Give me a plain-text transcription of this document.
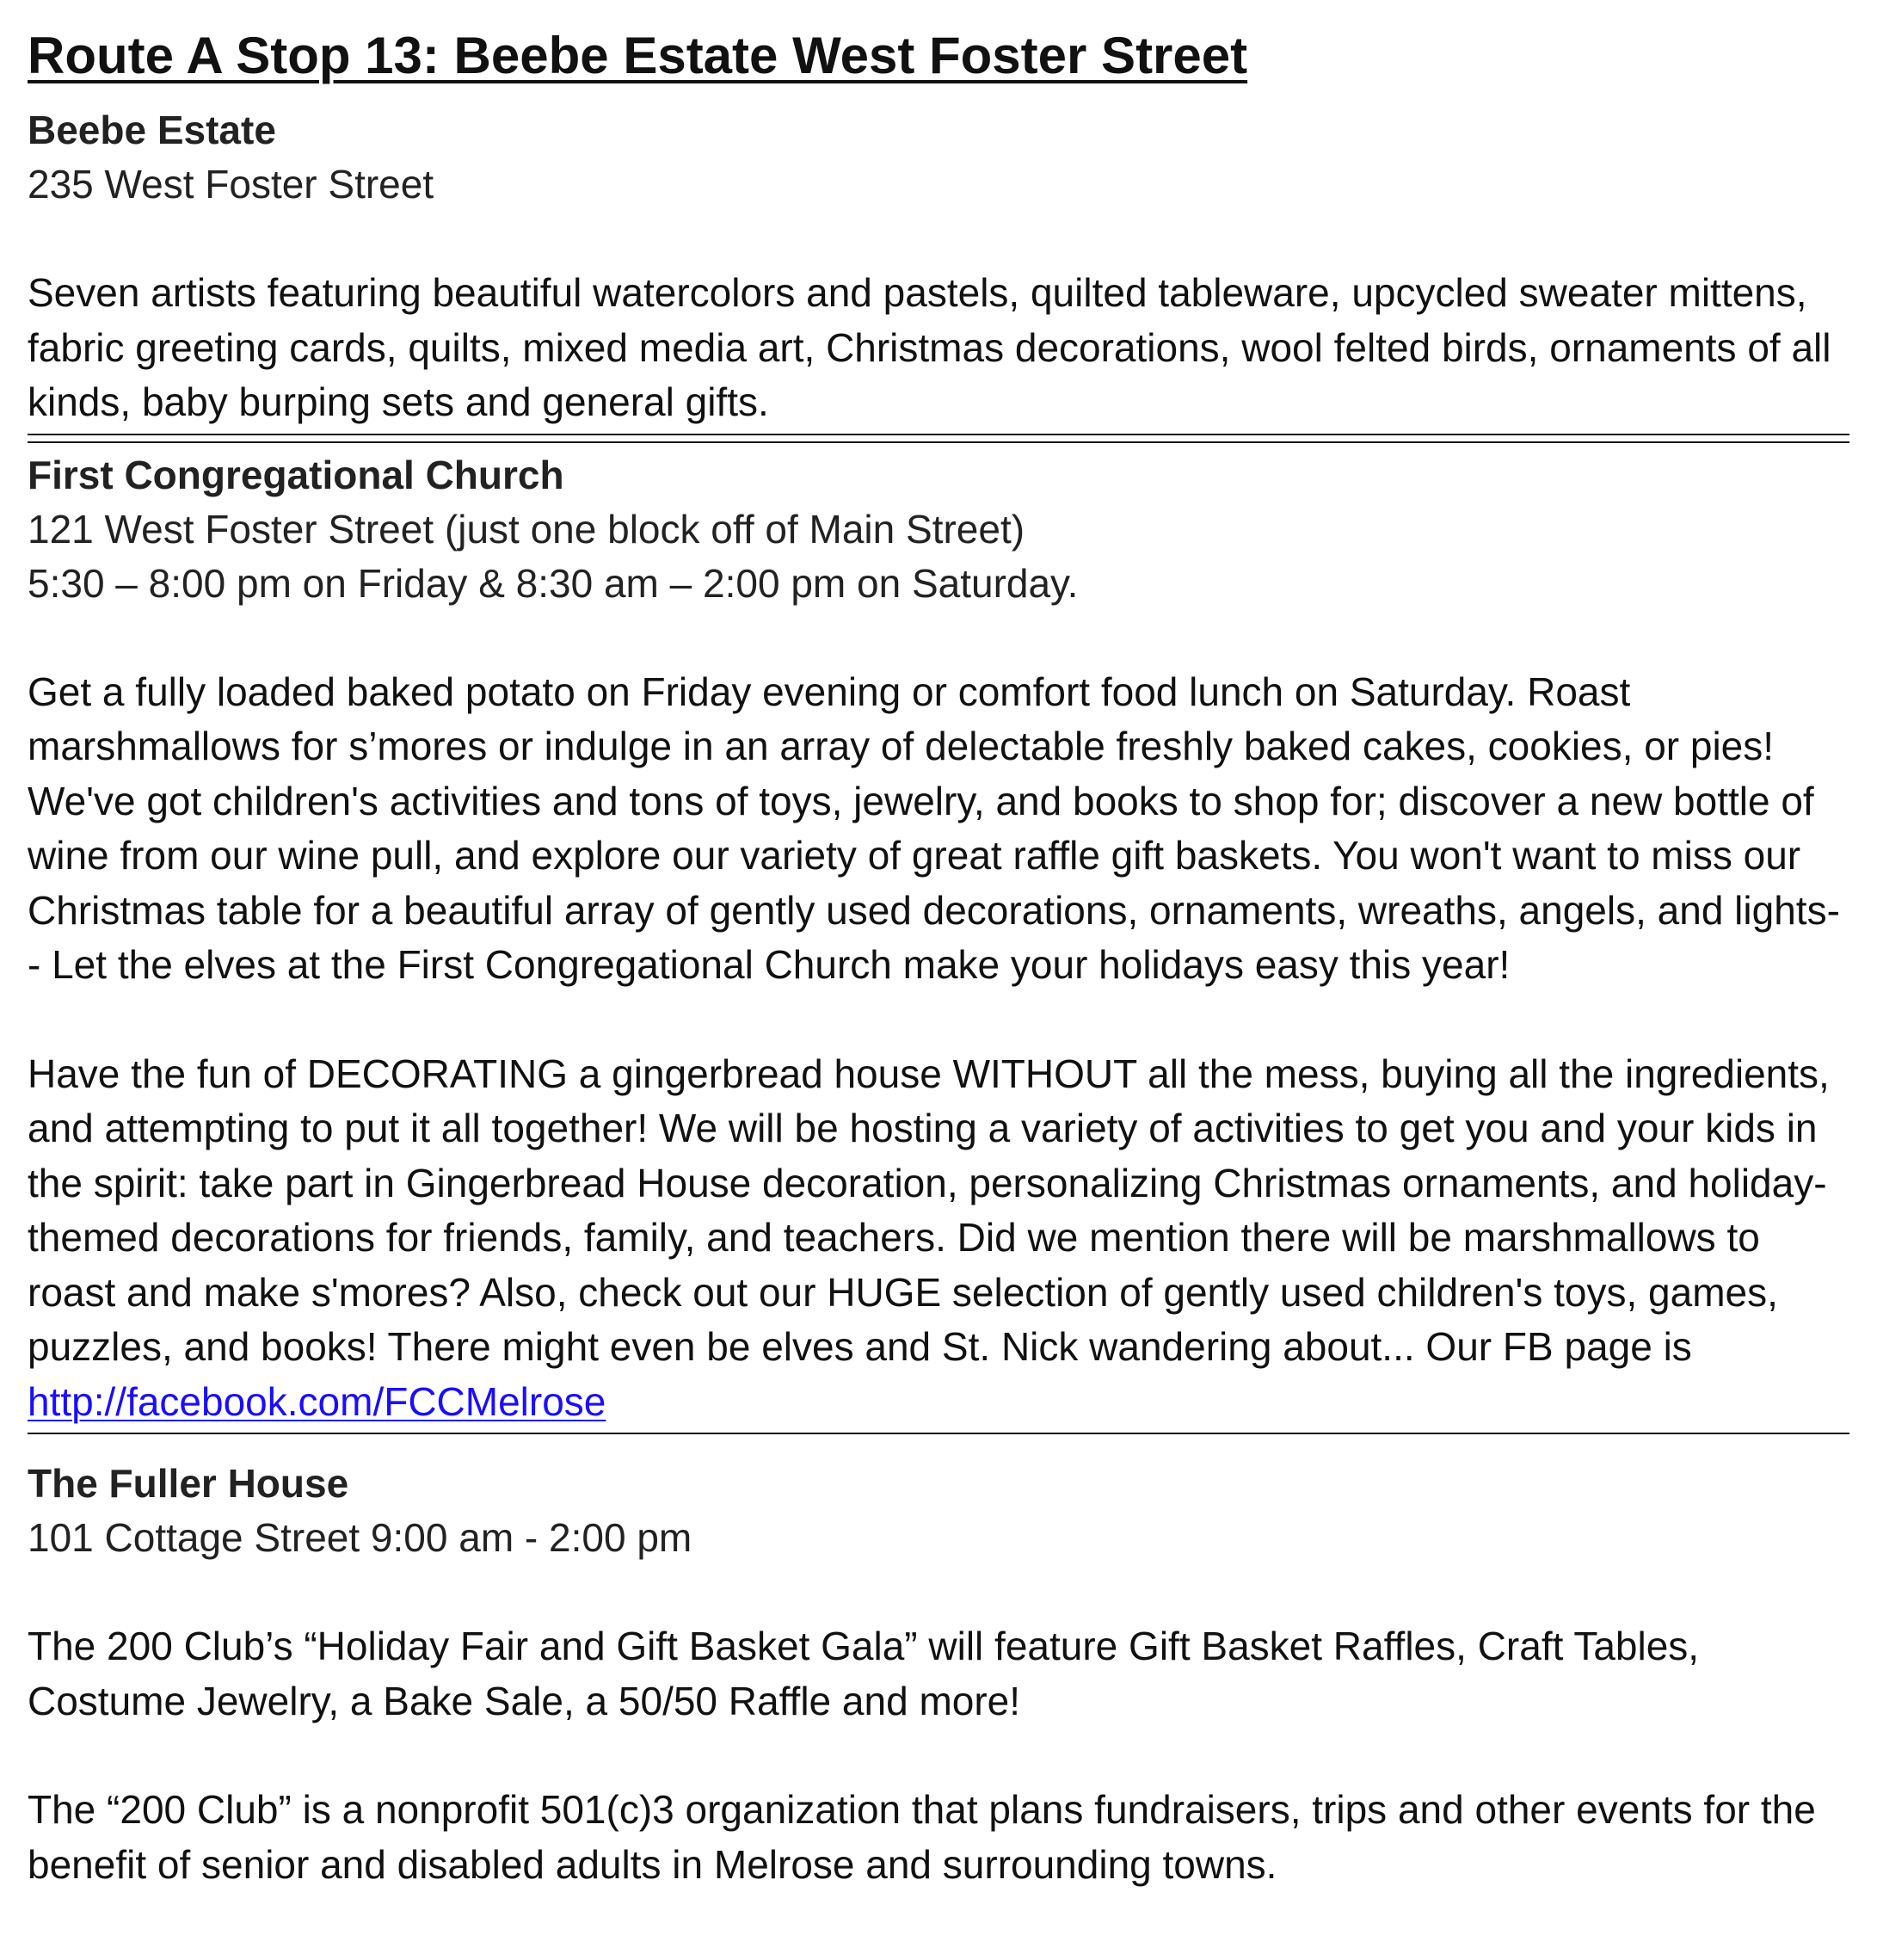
Route A Stop 13: Beebe Estate West Foster Street

Beebe Estate

235 West Foster Street

Seven artists featuring beautiful watercolors and pastels, quilted tableware, upcycled sweater mittens, fabric greeting cards, quilts, mixed media art, Christmas decorations, wool felted birds, ornaments of all kinds, baby burping sets and general gifts.

First Congregational Church

121 West Foster Street (just one block off of Main Street)

5:30 – 8:00 pm on Friday & 8:30 am – 2:00 pm on Saturday.

Get a fully loaded baked potato on Friday evening or comfort food lunch on Saturday. Roast marshmallows for s’mores or indulge in an array of delectable freshly baked cakes, cookies, or pies! We've got children's activities and tons of toys, jewelry, and books to shop for; discover a new bottle of wine from our wine pull, and explore our variety of great raffle gift baskets. You won't want to miss our Christmas table for a beautiful array of gently used decorations, ornaments, wreaths, angels, and lights-- Let the elves at the First Congregational Church make your holidays easy this year!

Have the fun of DECORATING a gingerbread house WITHOUT all the mess, buying all the ingredients, and attempting to put it all together! We will be hosting a variety of activities to get you and your kids in the spirit: take part in Gingerbread House decoration, personalizing Christmas ornaments, and holiday-themed decorations for friends, family, and teachers. Did we mention there will be marshmallows to roast and make s'mores? Also, check out our HUGE selection of gently used children's toys, games, puzzles, and books! There might even be elves and St. Nick wandering about... Our FB page is http://facebook.com/FCCMelrose

The Fuller House

101 Cottage Street 9:00 am - 2:00 pm

The 200 Club’s “Holiday Fair and Gift Basket Gala” will feature Gift Basket Raffles, Craft Tables, Costume Jewelry, a Bake Sale, a 50/50 Raffle and more!

The “200 Club” is a nonprofit 501(c)3 organization that plans fundraisers, trips and other events for the benefit of senior and disabled adults in Melrose and surrounding towns.
